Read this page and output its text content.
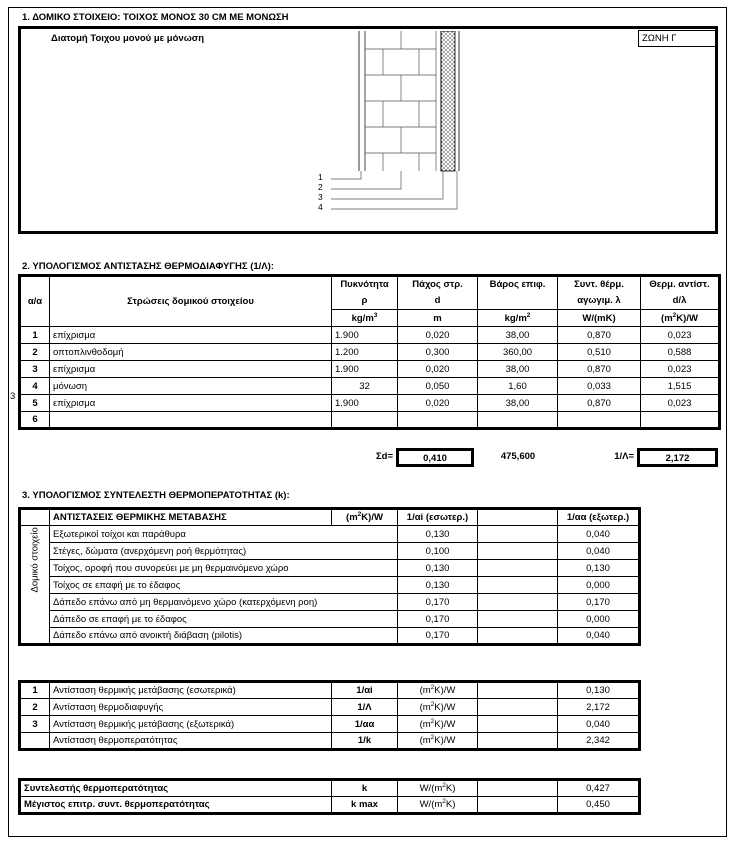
1. ΔΟΜΙΚΟ ΣΤΟΙΧΕΙΟ: ΤΟΙΧΟΣ ΜΟΝΟΣ 30 CM ΜΕ ΜΟΝΩΣΗ
Διατομή Τοιχου μονού με μόνωση	ΖΩΝΗ Γ
1
2
3
4
2. ΥΠΟΛΟΓΙΣΜΟΣ ΑΝΤΙΣΤΑΣΗΣ ΘΕΡΜΟΔΙΑΦΥΓΗΣ (1/Λ):
3
α/α	Στρώσεις δομικού στοιχείου	Πυκνότητα	Πάχος στρ.	Βάρος επιφ.	Συντ. θέρμ.	Θερμ. αντίστ.
		ρ	d		αγωγιμ. λ	d/λ
		$kg/m^3$	m	$kg/m^2$	W/(mK)	$(m^2K)/W$
1	επίχρισμα	1.900	0,020	38,00	0,870	0,023
2	οπτοπλινθοδομή	1.200	0,300	360,00	0,510	0,588
3	επίχρισμα	1.900	0,020	38,00	0,870	0,023
4	μόνωση	32	0,050	1,60	0,033	1,515
5	επίχρισμα	1.900	0,020	38,00	0,870	0,023
6						
Σd=	0,410	475,600	1/Λ=	2,172
3. ΥΠΟΛΟΓΙΣΜΟΣ ΣΥΝΤΕΛΕΣΤΗ ΘΕΡΜΟΠΕΡΑΤΟΤΗΤΑΣ (k):
	ΑΝΤΙΣΤΑΣΕΙΣ ΘΕΡΜΙΚΗΣ ΜΕΤΑΒΑΣΗΣ	$(m^2K)/W$	1/αi (εσωτερ.)		1/αα (εξωτερ.)

Δομικό στοιχείο	Εξωτερικοί τοίχοι και παράθυρα		0,130		0,040
	Στέγες, δώματα (ανερχόμενη ροή θερμότητας)		0,100		0,040
	Τοίχος, οροφή που συνορεύει με μη θερμαινόμενο χώρο		0,130		0,130
	Τοίχος σε επαφή με το έδαφος		0,130		0,000
	Δάπεδο επάνω από μη θερμαινόμενο χώρο (κατερχόμενη ροη)		0,170		0,170
	Δάπεδο σε επαφή με το έδαφος		0,170		0,000
	Δάπεδο επάνω από ανοικτή διάβαση (pilotis)		0,170		0,040
1	Αντίσταση θερμικής μετάβασης (εσωτερικά)	1/αi	$(m^2K)/W$		0,130
2	Αντίσταση θερμοδιαφυγής	1/Λ	$(m^2K)/W$		2,172
3	Αντίσταση θερμικής μετάβασης (εξωτερικά)	1/αα	$(m^2K)/W$		0,040
	Αντίσταση θερμοπερατότητας	1/k	$(m^2K)/W$		2,342
Συντελεστής θερμοπερατότητας	k	$W/(m^2K)$		0,427
Μέγιστος επιτρ. συντ. θερμοπερατότητας	k max	$W/(m^2K)$		0,450
